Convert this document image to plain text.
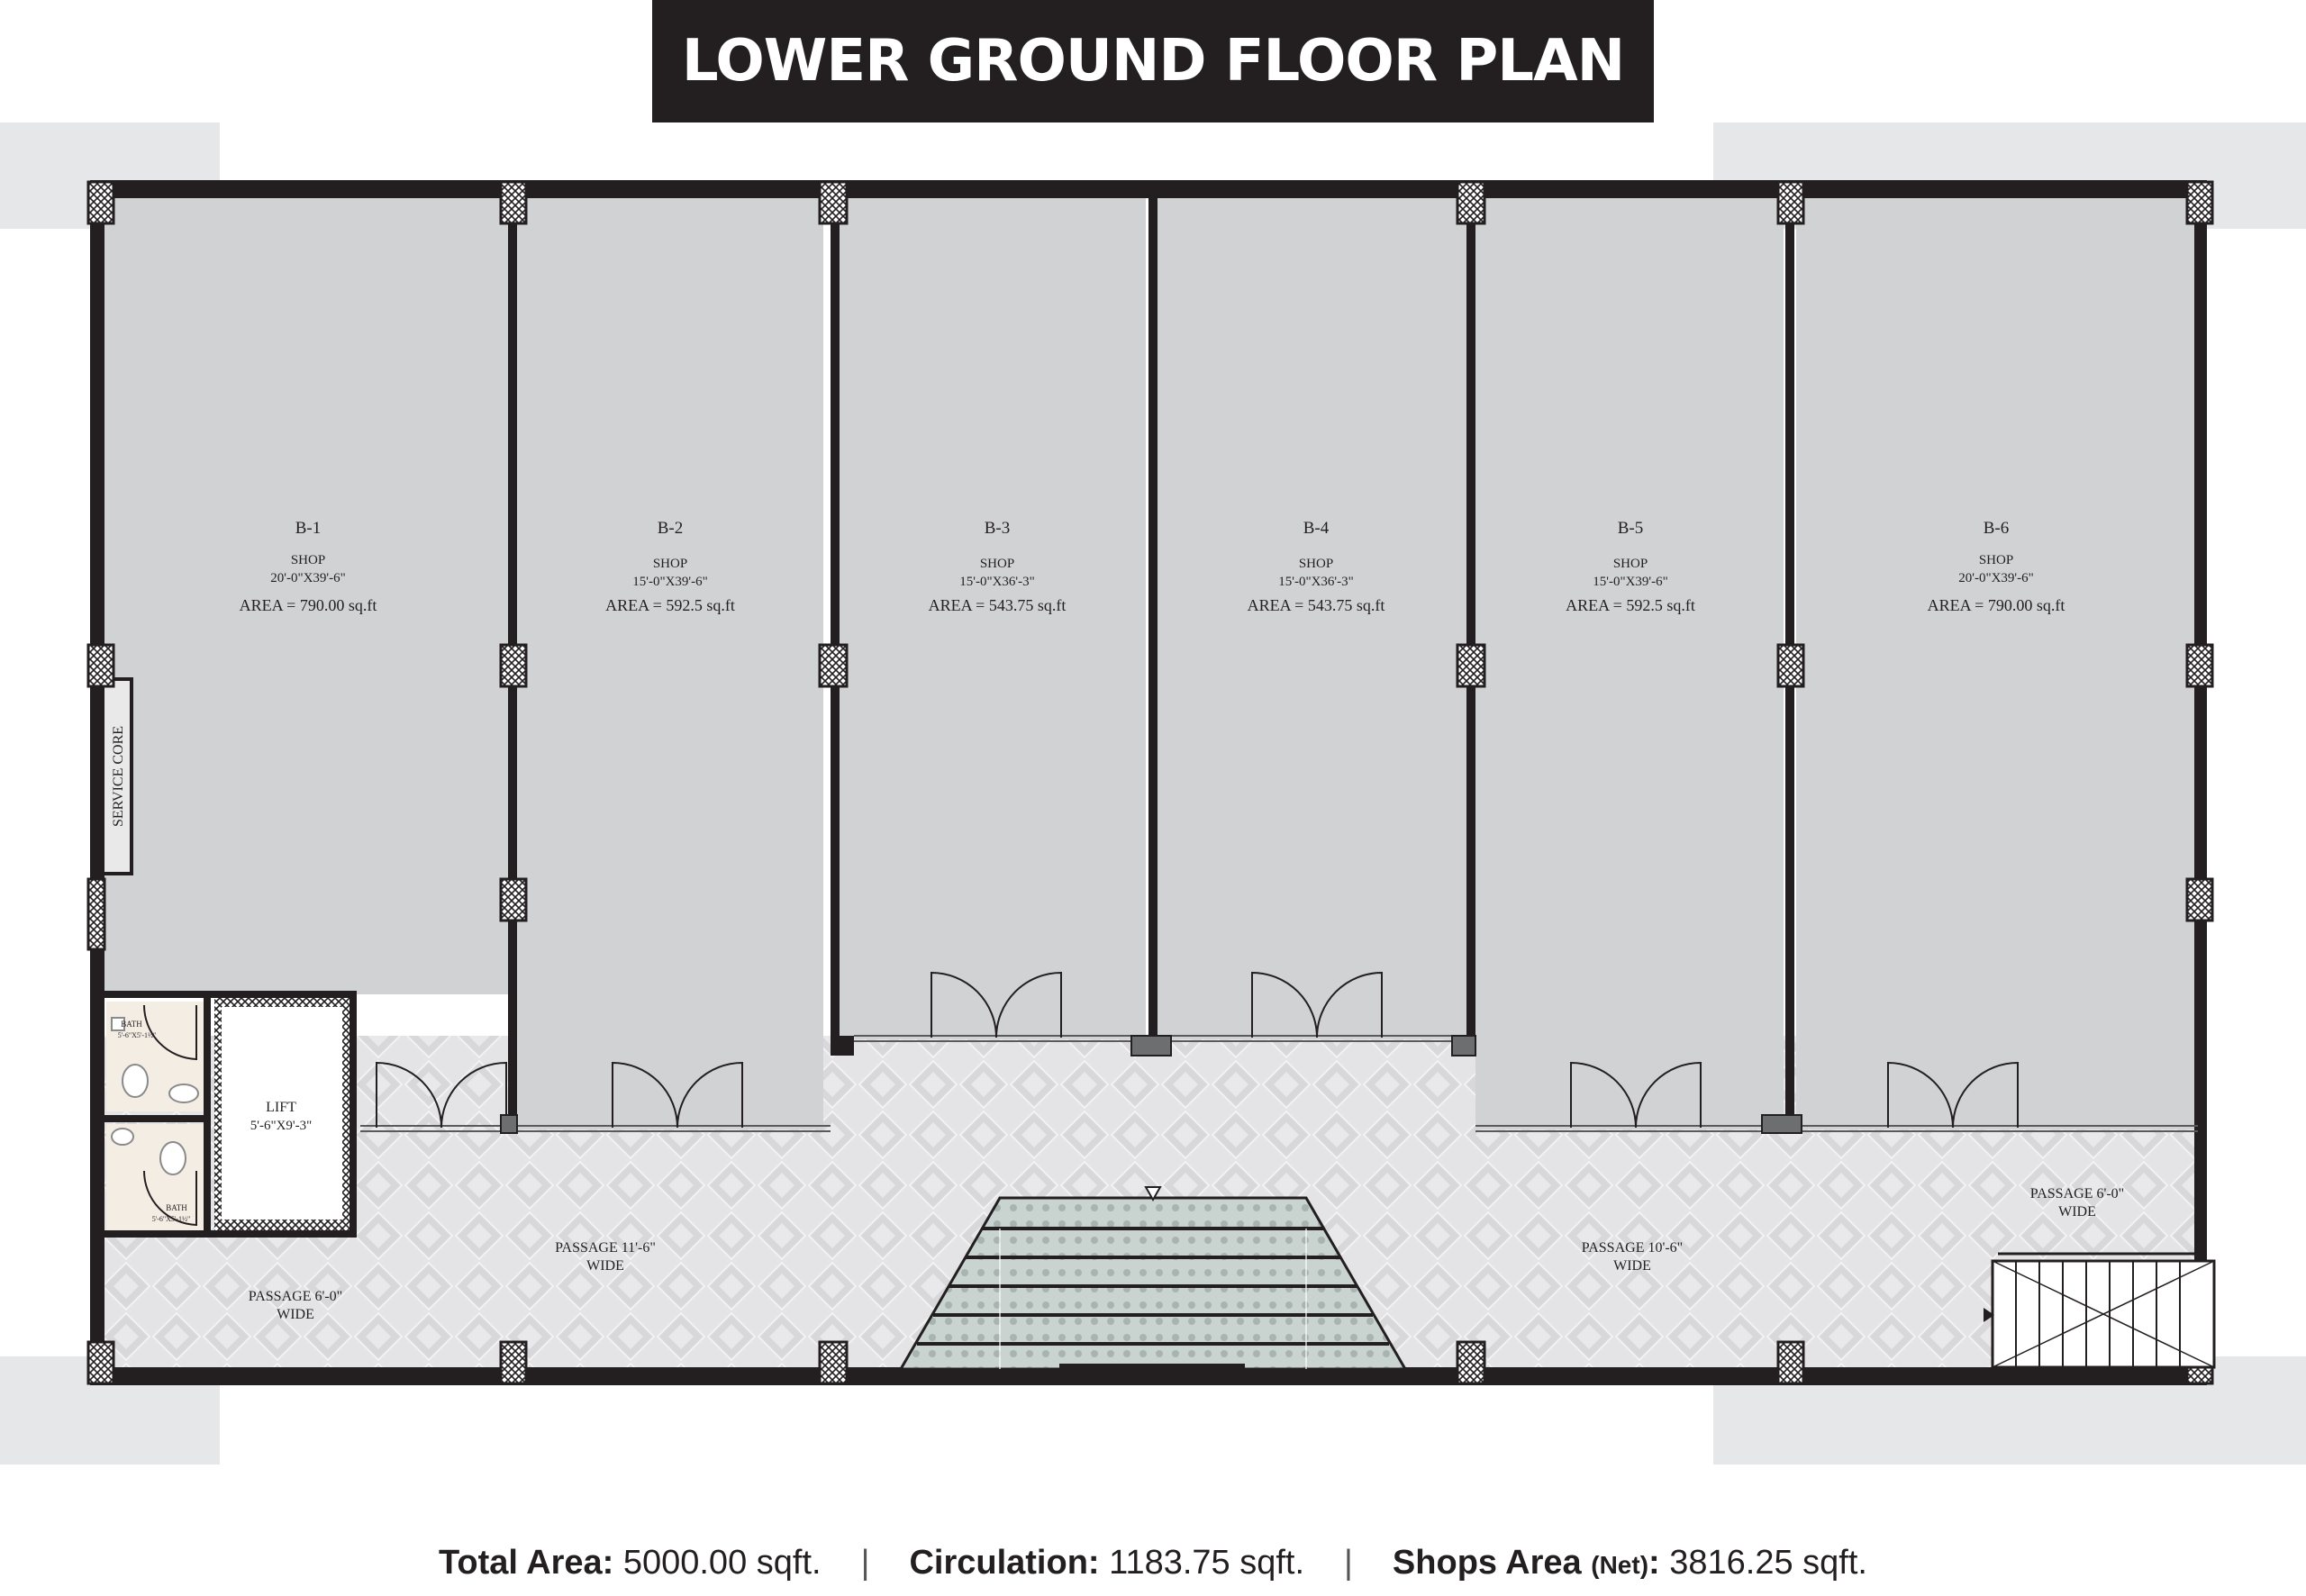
LOWER GROUND FLOOR PLAN
B-1
SHOP
20'-0"X39'-6"
AREA = 790.00 sq.ft
B-2
SHOP
15'-0"X39'-6"
AREA = 592.5 sq.ft
B-3
SHOP
15'-0"X36'-3"
AREA = 543.75 sq.ft
B-4
SHOP
15'-0"X36'-3"
AREA = 543.75 sq.ft
B-5
SHOP
15'-0"X39'-6"
AREA = 592.5 sq.ft
B-6
SHOP
20'-0"X39'-6"
AREA = 790.00 sq.ft
LIFT
5'-6"X9'-3"
BATH
5'-6"X5'-1½"
BATH
5'-6"X5'-1½"
PASSAGE 6'-0"
WIDE
PASSAGE 11'-6"
WIDE
PASSAGE 10'-6"
WIDE
PASSAGE 6'-0"
WIDE
SERVICE CORE
Total Area: 5000.00 sqft. | Circulation: 1183.75 sqft. | Shops Area (Net) : 3816.25 sqft.
